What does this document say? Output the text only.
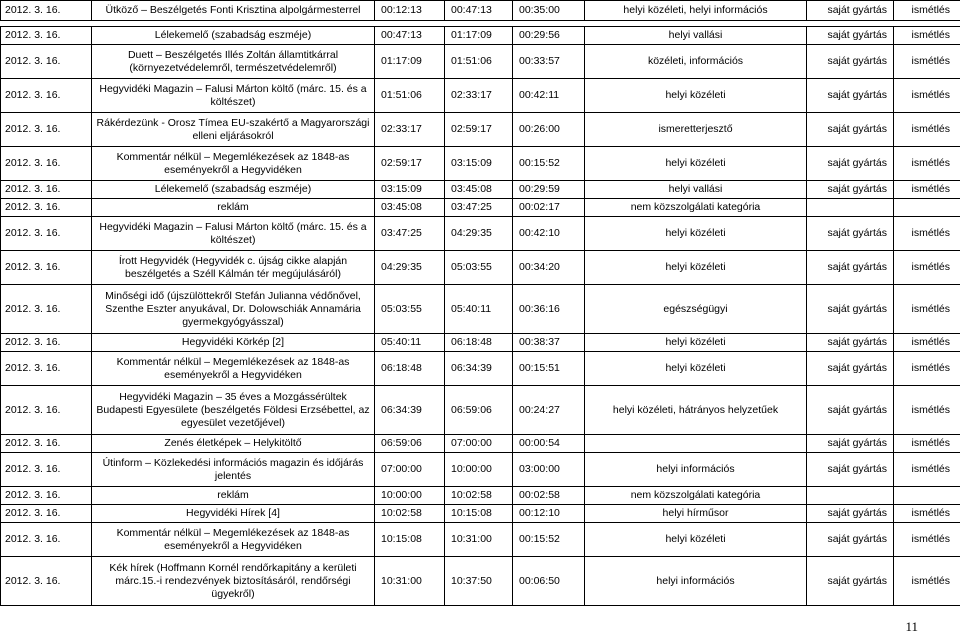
2012. 3. 16.	Ütköző – Beszélgetés Fonti Krisztina alpolgármesterrel	00:12:13	00:47:13	00:35:00	helyi közéleti, helyi információs	saját gyártás	ismétlés

2012. 3. 16.	Lélekemelő (szabadság eszméje)	00:47:13	01:17:09	00:29:56	helyi vallási	saját gyártás	ismétlés
2012. 3. 16.	Duett – Beszélgetés Illés Zoltán államtitkárral (környezetvédelemről, természetvédelemről)	01:17:09	01:51:06	00:33:57	közéleti, információs	saját gyártás	ismétlés
2012. 3. 16.	Hegyvidéki Magazin – Falusi Márton költő (márc. 15. és a költészet)	01:51:06	02:33:17	00:42:11	helyi közéleti	saját gyártás	ismétlés
2012. 3. 16.	Rákérdezünk - Orosz Tímea EU-szakértő a Magyarországi elleni eljárásokról	02:33:17	02:59:17	00:26:00	ismeretterjesztő	saját gyártás	ismétlés
2012. 3. 16.	Kommentár nélkül – Megemlékezések az 1848-as eseményekről a Hegyvidéken	02:59:17	03:15:09	00:15:52	helyi közéleti	saját gyártás	ismétlés
2012. 3. 16.	Lélekemelő (szabadság eszméje)	03:15:09	03:45:08	00:29:59	helyi vallási	saját gyártás	ismétlés
2012. 3. 16.	reklám	03:45:08	03:47:25	00:02:17	nem közszolgálati kategória		
2012. 3. 16.	Hegyvidéki Magazin – Falusi Márton költő (márc. 15. és a költészet)	03:47:25	04:29:35	00:42:10	helyi közéleti	saját gyártás	ismétlés
2012. 3. 16.	Írott Hegyvidék (Hegyvidék c. újság cikke alapján beszélgetés a Széll Kálmán tér megújulásáról)	04:29:35	05:03:55	00:34:20	helyi közéleti	saját gyártás	ismétlés
2012. 3. 16.	Minőségi idő (újszülöttekről Stefán Julianna védőnővel, Szenthe Eszter anyukával, Dr. Dolowschiák Annamária gyermekgyógyásszal)	05:03:55	05:40:11	00:36:16	egészségügyi	saját gyártás	ismétlés
2012. 3. 16.	Hegyvidéki Körkép [2]	05:40:11	06:18:48	00:38:37	helyi közéleti	saját gyártás	ismétlés
2012. 3. 16.	Kommentár nélkül – Megemlékezések az 1848-as eseményekről a Hegyvidéken	06:18:48	06:34:39	00:15:51	helyi közéleti	saját gyártás	ismétlés
2012. 3. 16.	Hegyvidéki Magazin – 35 éves a Mozgássérültek Budapesti Egyesülete (beszélgetés Földesi Erzsébettel, az egyesület vezetőjével)	06:34:39	06:59:06	00:24:27	helyi közéleti, hátrányos helyzetűek	saját gyártás	ismétlés
2012. 3. 16.	Zenés életképek – Helykitöltő	06:59:06	07:00:00	00:00:54		saját gyártás	ismétlés
2012. 3. 16.	Útinform – Közlekedési információs magazin és időjárás jelentés	07:00:00	10:00:00	03:00:00	helyi információs	saját gyártás	ismétlés
2012. 3. 16.	reklám	10:00:00	10:02:58	00:02:58	nem közszolgálati kategória		
2012. 3. 16.	Hegyvidéki Hírek [4]	10:02:58	10:15:08	00:12:10	helyi hírműsor	saját gyártás	ismétlés
2012. 3. 16.	Kommentár nélkül – Megemlékezések az 1848-as eseményekről a Hegyvidéken	10:15:08	10:31:00	00:15:52	helyi közéleti	saját gyártás	ismétlés
2012. 3. 16.	Kék hírek (Hoffmann Kornél rendőrkapitány a kerületi márc.15.-i rendezvények biztosításáról, rendőrségi ügyekről)	10:31:00	10:37:50	00:06:50	helyi információs	saját gyártás	ismétlés
11
